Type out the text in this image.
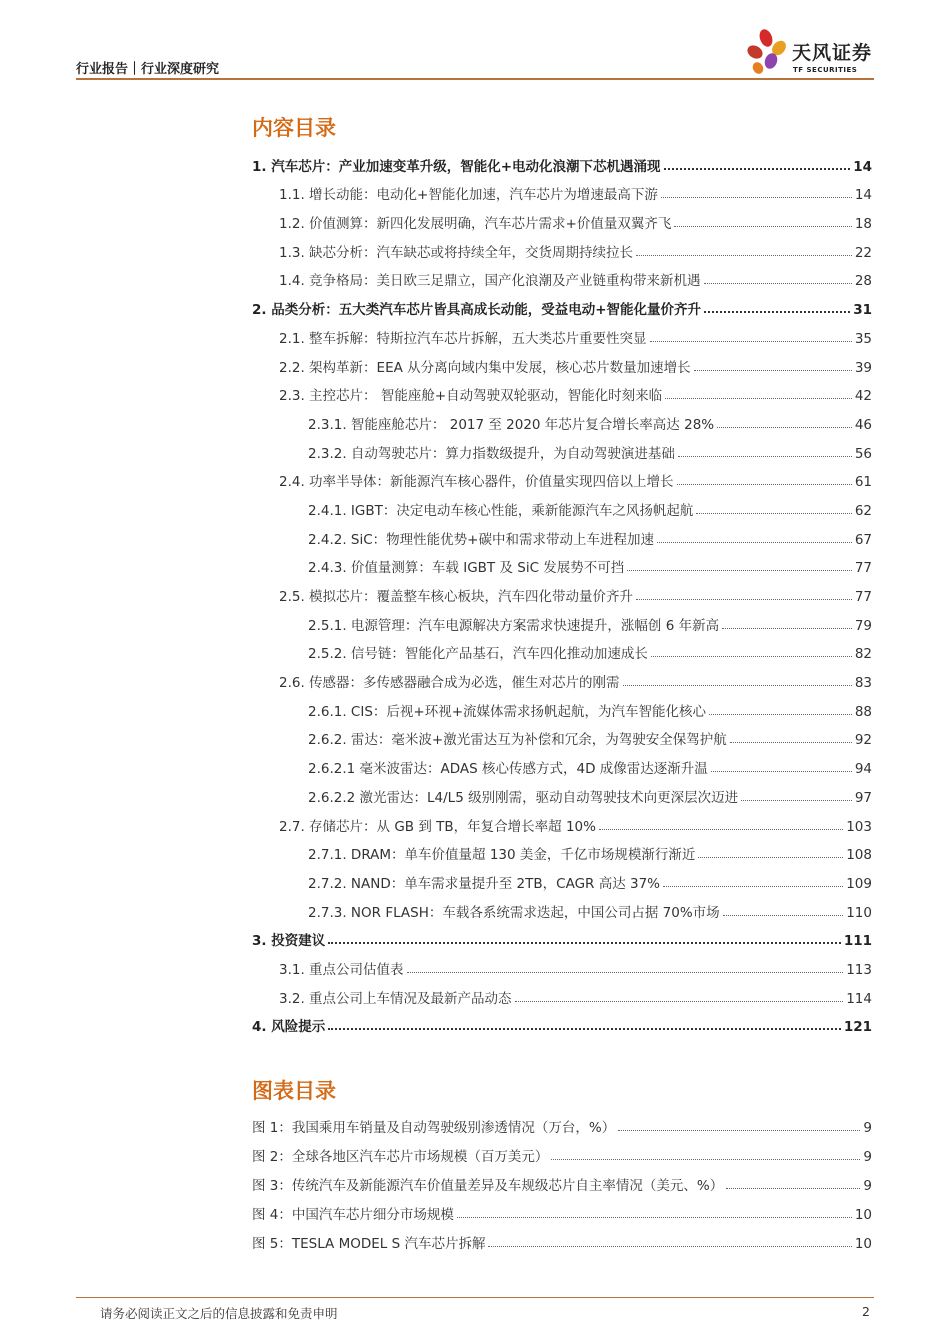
行业报告｜行业深度研究
天风证券
TF SECURITIES
内容目录
1. 汽车芯片：产业加速变革升级，智能化+电动化浪潮下芯机遇涌现	14
1.1. 增长动能：电动化+智能化加速，汽车芯片为增速最高下游	14
1.2. 价值测算：新四化发展明确，汽车芯片需求+价值量双翼齐飞	18
1.3. 缺芯分析：汽车缺芯或将持续全年，交货周期持续拉长	22
1.4. 竞争格局：美日欧三足鼎立，国产化浪潮及产业链重构带来新机遇	28
2. 品类分析：五大类汽车芯片皆具高成长动能，受益电动+智能化量价齐升	31
2.1. 整车拆解：特斯拉汽车芯片拆解，五大类芯片重要性突显	35
2.2. 架构革新：EEA 从分离向域内集中发展，核心芯片数量加速增长	39
2.3. 主控芯片： 智能座舱+自动驾驶双轮驱动，智能化时刻来临	42
2.3.1. 智能座舱芯片： 2017 至 2020 年芯片复合增长率高达 28%	46
2.3.2. 自动驾驶芯片：算力指数级提升，为自动驾驶演进基础	56
2.4. 功率半导体：新能源汽车核心器件，价值量实现四倍以上增长	61
2.4.1. IGBT：决定电动车核心性能，乘新能源汽车之风扬帆起航	62
2.4.2. SiC：物理性能优势+碳中和需求带动上车进程加速	67
2.4.3. 价值量测算：车载 IGBT 及 SiC 发展势不可挡	77
2.5. 模拟芯片：覆盖整车核心板块，汽车四化带动量价齐升	77
2.5.1. 电源管理：汽车电源解决方案需求快速提升，涨幅创 6 年新高	79
2.5.2. 信号链：智能化产品基石，汽车四化推动加速成长	82
2.6. 传感器：多传感器融合成为必选，催生对芯片的刚需	83
2.6.1. CIS：后视+环视+流媒体需求扬帆起航，为汽车智能化核心	88
2.6.2. 雷达：毫米波+激光雷达互为补偿和冗余，为驾驶安全保驾护航	92
2.6.2.1 毫米波雷达：ADAS 核心传感方式，4D 成像雷达逐渐升温	94
2.6.2.2 激光雷达：L4/L5 级别刚需，驱动自动驾驶技术向更深层次迈进	97
2.7. 存储芯片：从 GB 到 TB，年复合增长率超 10%	103
2.7.1. DRAM：单车价值量超 130 美金，千亿市场规模渐行渐近	108
2.7.2. NAND：单车需求量提升至 2TB，CAGR 高达 37%	109
2.7.3. NOR FLASH：车载各系统需求迭起，中国公司占据 70%市场	110
3. 投资建议	111
3.1. 重点公司估值表	113
3.2. 重点公司上车情况及最新产品动态	114
4. 风险提示	121
图表目录
图 1：我国乘用车销量及自动驾驶级别渗透情况（万台，%）	9
图 2：全球各地区汽车芯片市场规模（百万美元）	9
图 3：传统汽车及新能源汽车价值量差异及车规级芯片自主率情况（美元、%）	9
图 4：中国汽车芯片细分市场规模	10
图 5：TESLA MODEL S 汽车芯片拆解	10
请务必阅读正文之后的信息披露和免责申明	2
